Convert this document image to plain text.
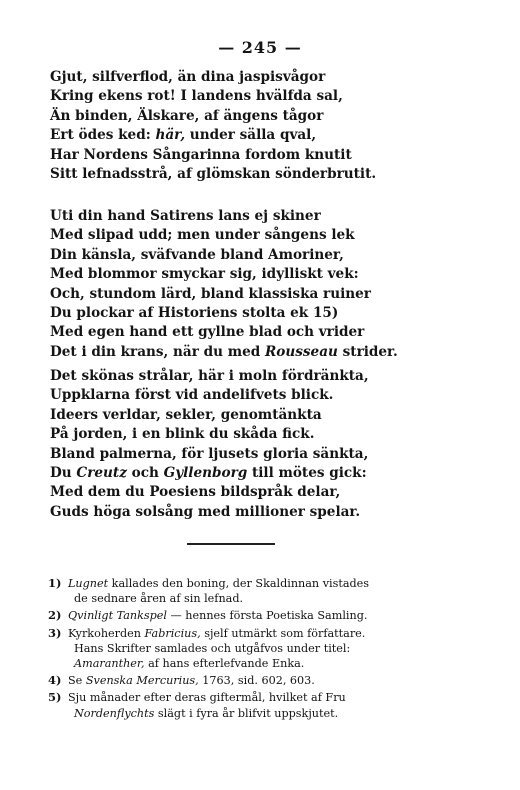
— 245 —
Gjut, silfverflod, än dina jaspisvågor
Kring ekens rot! I landens hvälfda sal,
Än binden, Älskare, af ängens tågor
Ert ödes ked: här, under sälla qval,
Har Nordens Sångarinna fordom knutit
Sitt lefnadsstrå, af glömskan sönderbrutit.
Uti din hand Satirens lans ej skiner
Med slipad udd; men under sångens lek
Din känsla, sväfvande bland Amoriner,
Med blommor smyckar sig, idylliskt vek:
Och, stundom lärd, bland klassiska ruiner
Du plockar af Historiens stolta ek 15)
Med egen hand ett gyllne blad och vrider
Det i din krans, när du med Rousseau strider.
Det skönas strålar, här i moln fördränkta,
Uppklarna först vid andelifvets blick.
Ideers verldar, sekler, genomtänkta
På jorden, i en blink du skåda fick.
Bland palmerna, för ljusets gloria sänkta,
Du Creutz och Gyllenborg till mötes gick:
Med dem du Poesiens bildspråk delar,
Guds höga solsång med millioner spelar.
1) Lugnet kallades den boning, der Skaldinnan vistades
de sednare åren af sin lefnad.
2) Qvinligt Tankspel — hennes första Poetiska Samling.
3) Kyrkoherden Fabricius, sjelf utmärkt som författare.
Hans Skrifter samlades och utgåfvos under titel:
Amaranther, af hans efterlefvande Enka.
4) Se Svenska Mercurius, 1763, sid. 602, 603.
5) Sju månader efter deras giftermål, hvilket af Fru
Nordenflychts slägt i fyra år blifvit uppskjutet.
